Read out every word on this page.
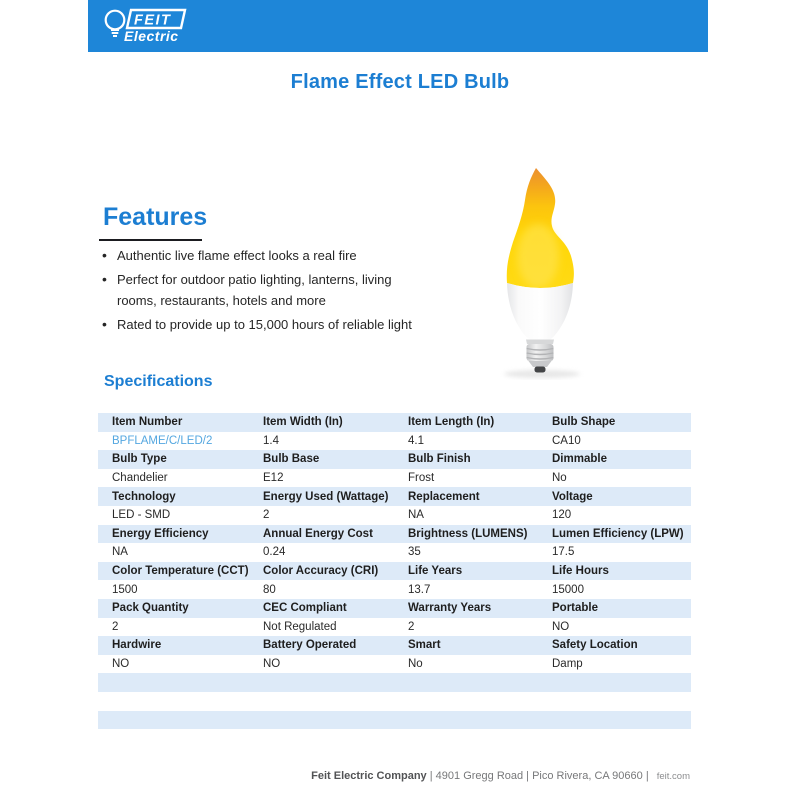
FEIT
Electric
Flame Effect LED Bulb
Features
• Authentic live flame effect looks a real fire
• Perfect for outdoor patio lighting, lanterns, living rooms, restaurants, hotels and more
• Rated to provide up to 15,000 hours of reliable light
Specifications
Item Number	Item Width (In)	Item Length (In)	Bulb Shape
BPFLAME/C/LED/2	1.4	4.1	CA10
Bulb Type	Bulb Base	Bulb Finish	Dimmable
Chandelier	E12	Frost	No
Technology	Energy Used (Wattage)	Replacement	Voltage
LED - SMD	2	NA	120
Energy Efficiency	Annual Energy Cost	Brightness (LUMENS)	Lumen Efficiency (LPW)
NA	0.24	35	17.5
Color Temperature (CCT)	Color Accuracy (CRI)	Life Years	Life Hours
1500	80	13.7	15000
Pack Quantity	CEC Compliant	Warranty Years	Portable
2	Not Regulated	2	NO
Hardwire	Battery Operated	Smart	Safety Location
NO	NO	No	Damp
Feit Electric Company | 4901 Gregg Road | Pico Rivera, CA 90660 | feit.com
